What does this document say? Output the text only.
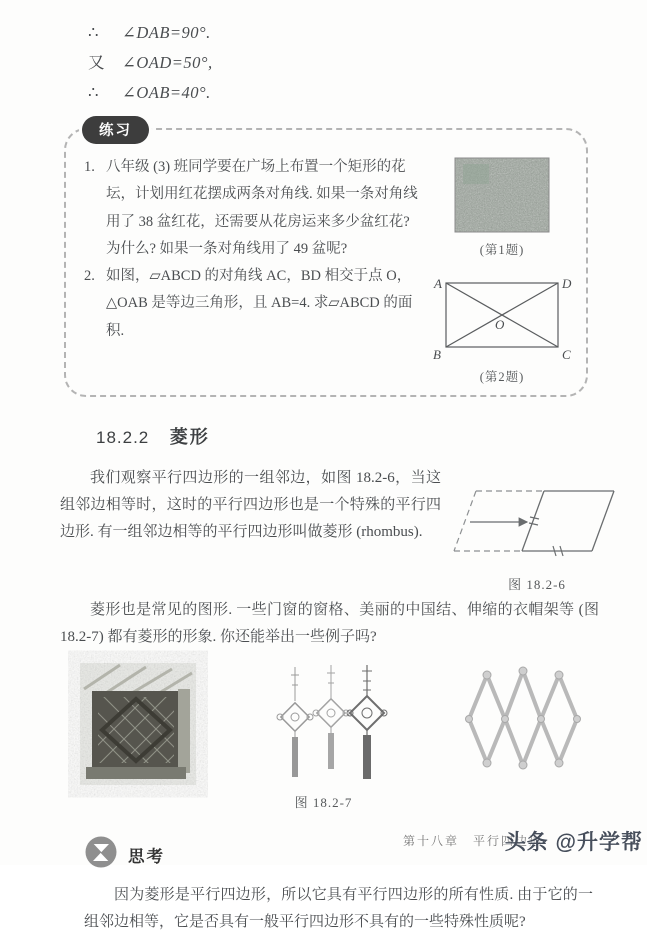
∴	∠DAB=90°.
又	∠OAD=50°,
∴	∠OAB=40°.
练习
1. 八年级 (3) 班同学要在广场上布置一个矩形的花坛，计划用红花摆成两条对角线. 如果一条对角线用了 38 盆红花，还需要从花房运来多少盆红花? 为什么? 如果一条对角线用了 49 盆呢?
2. 如图，▱ABCD 的对角线 AC，BD 相交于点 O，△OAB 是等边三角形，且 AB=4. 求▱ABCD 的面积.
(第1题)
A	D
B	C
O
(第2题)
18.2.2 菱形
我们观察平行四边形的一组邻边，如图 18.2-6，当这组邻边相等时，这时的平行四边形也是一个特殊的平行四边形. 有一组邻边相等的平行四边形叫做菱形 (rhombus).
图 18.2-6
菱形也是常见的图形. 一些门窗的窗格、美丽的中国结、伸缩的衣帽架等 (图 18.2-7) 都有菱形的形象. 你还能举出一些例子吗?
图 18.2-7
思考
因为菱形是平行四边形，所以它具有平行四边形的所有性质. 由于它的一组邻边相等，它是否具有一般平行四边形不具有的一些特殊性质呢?
第十八章　平行四边形
头条 @升学帮
